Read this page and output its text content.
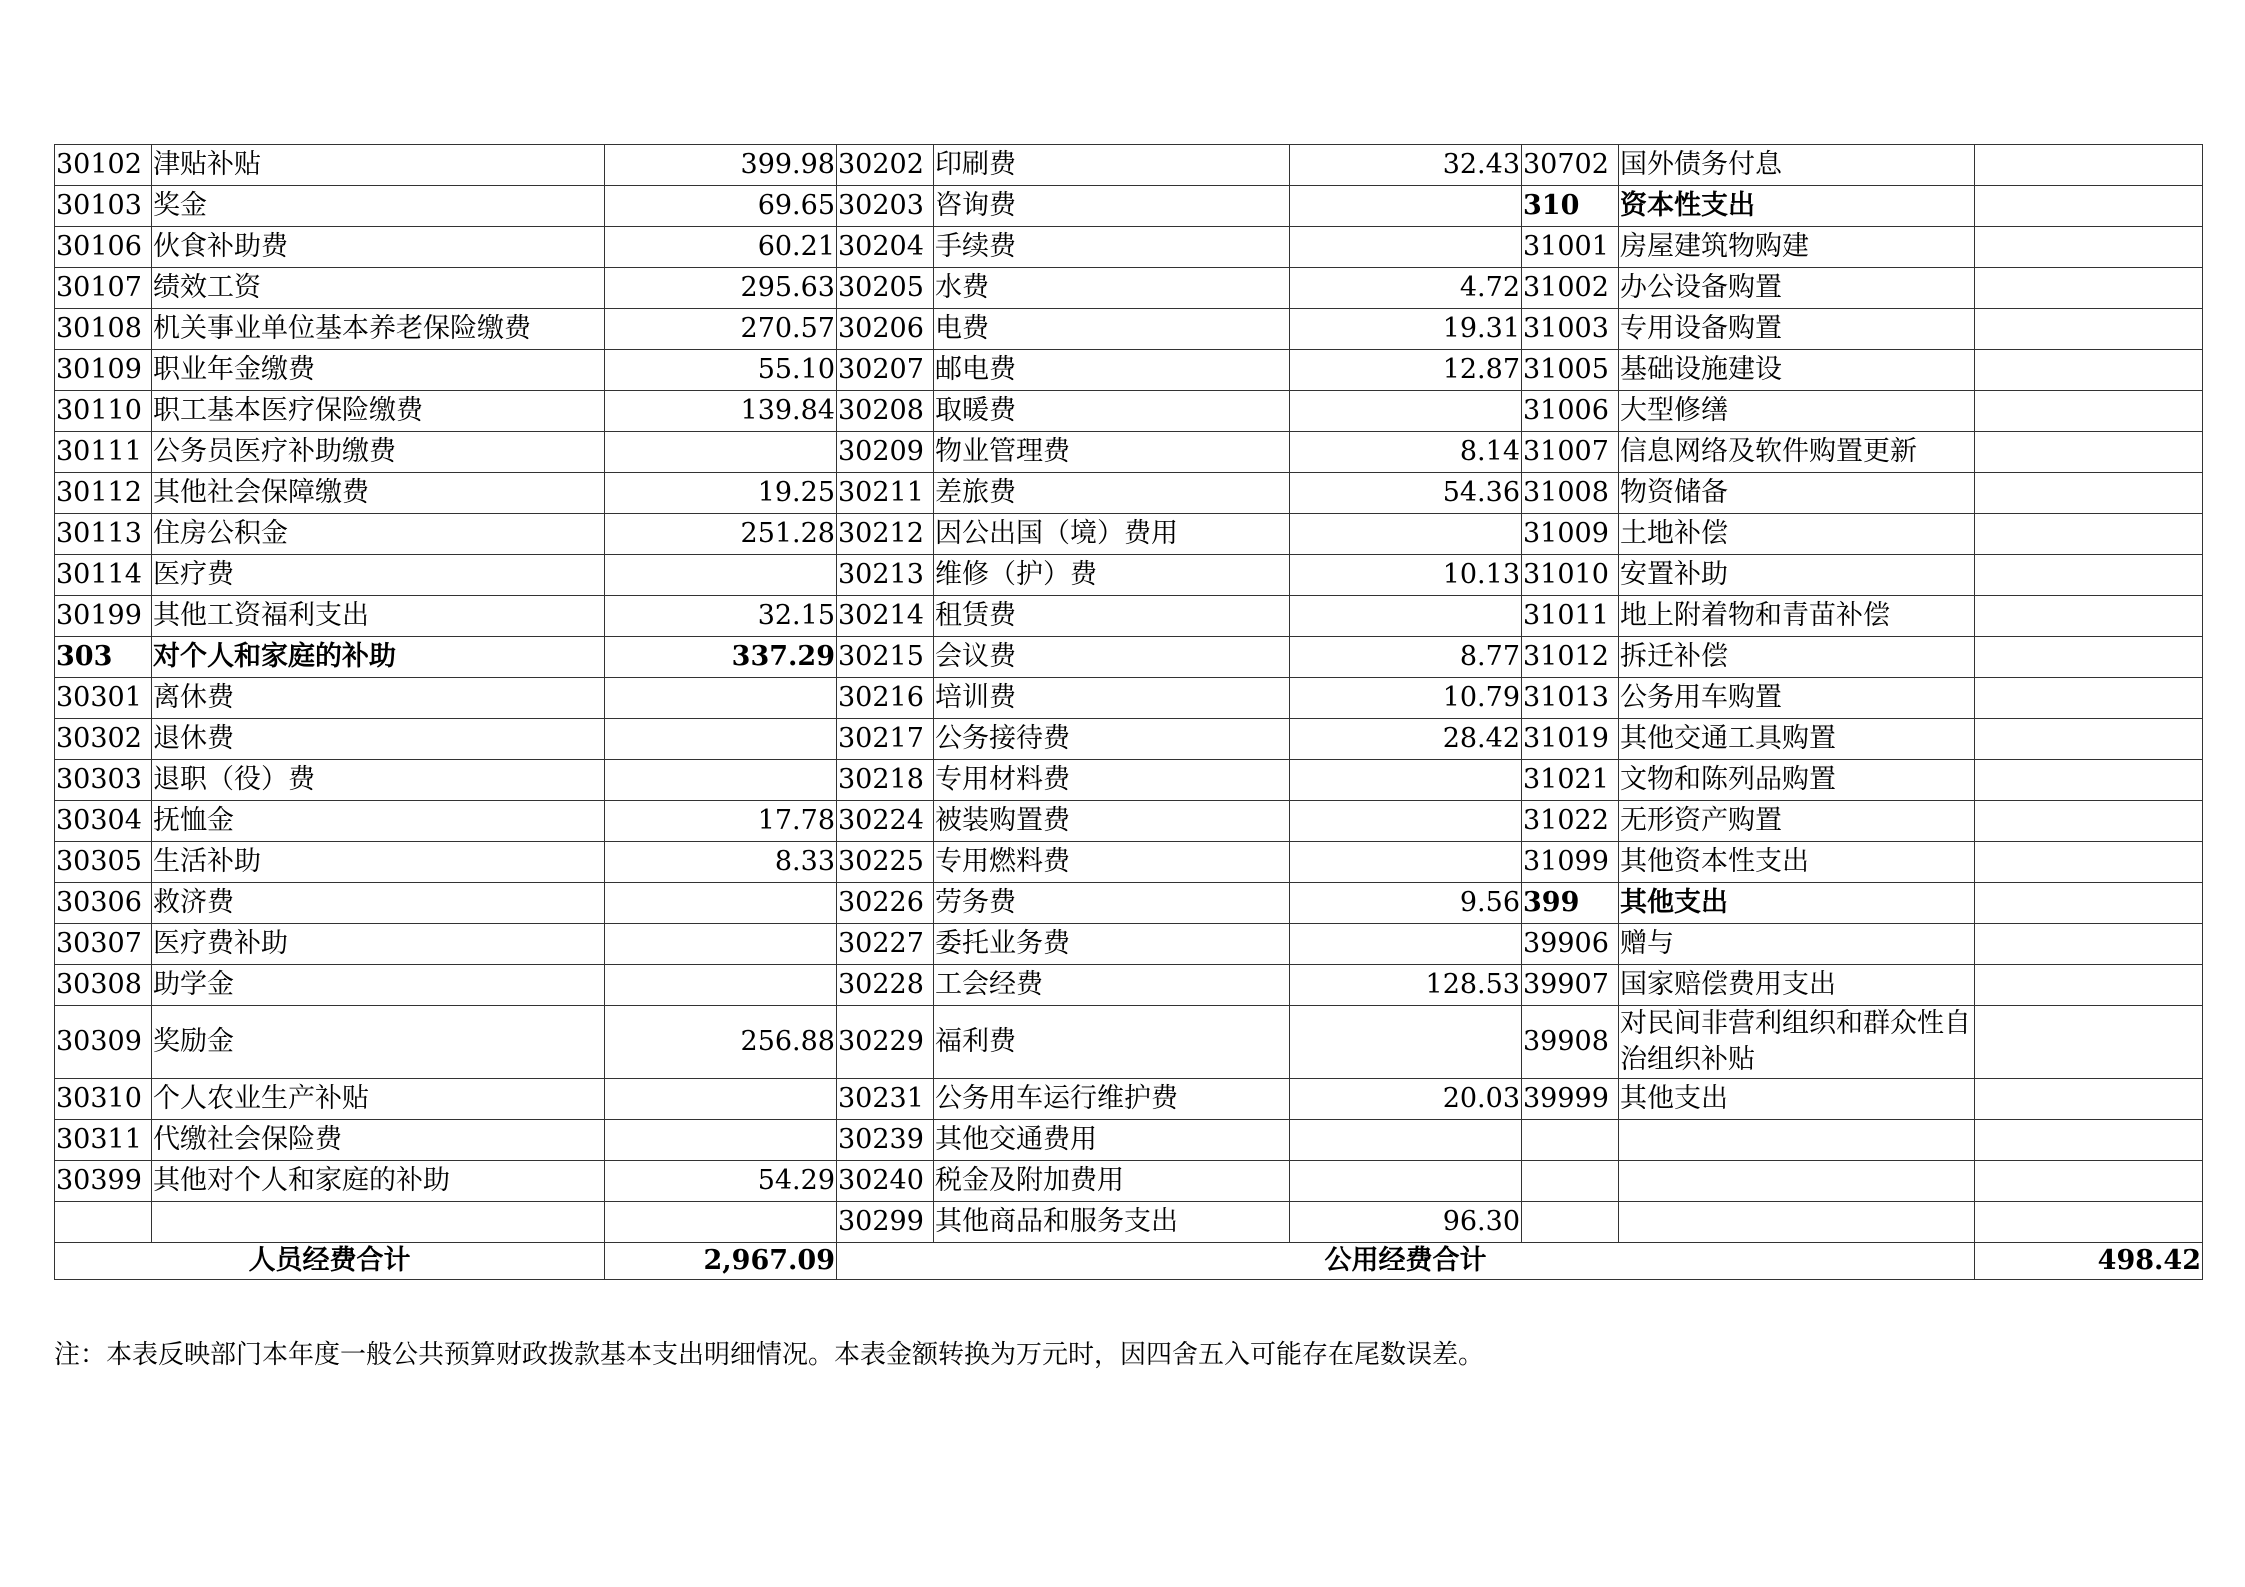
30102	津贴补贴	399.98	30202	印刷费	32.43	30702	国外债务付息	
30103	奖金	69.65	30203	咨询费		310	资本性支出	
30106	伙食补助费	60.21	30204	手续费		31001	房屋建筑物购建	
30107	绩效工资	295.63	30205	水费	4.72	31002	办公设备购置	
30108	机关事业单位基本养老保险缴费	270.57	30206	电费	19.31	31003	专用设备购置	
30109	职业年金缴费	55.10	30207	邮电费	12.87	31005	基础设施建设	
30110	职工基本医疗保险缴费	139.84	30208	取暖费		31006	大型修缮	
30111	公务员医疗补助缴费		30209	物业管理费	8.14	31007	信息网络及软件购置更新	
30112	其他社会保障缴费	19.25	30211	差旅费	54.36	31008	物资储备	
30113	住房公积金	251.28	30212	因公出国（境）费用		31009	土地补偿	
30114	医疗费		30213	维修（护）费	10.13	31010	安置补助	
30199	其他工资福利支出	32.15	30214	租赁费		31011	地上附着物和青苗补偿	
303	对个人和家庭的补助	337.29	30215	会议费	8.77	31012	拆迁补偿	
30301	离休费		30216	培训费	10.79	31013	公务用车购置	
30302	退休费		30217	公务接待费	28.42	31019	其他交通工具购置	
30303	退职（役）费		30218	专用材料费		31021	文物和陈列品购置	
30304	抚恤金	17.78	30224	被装购置费		31022	无形资产购置	
30305	生活补助	8.33	30225	专用燃料费		31099	其他资本性支出	
30306	救济费		30226	劳务费	9.56	399	其他支出	
30307	医疗费补助		30227	委托业务费		39906	赠与	
30308	助学金		30228	工会经费	128.53	39907	国家赔偿费用支出	
30309	奖励金	256.88	30229	福利费		39908	对民间非营利组织和群众性自治组织补贴	
30310	个人农业生产补贴		30231	公务用车运行维护费	20.03	39999	其他支出	
30311	代缴社会保险费		30239	其他交通费用				
30399	其他对个人和家庭的补助	54.29	30240	税金及附加费用				
			30299	其他商品和服务支出	96.30			
人员经费合计		2,967.09	公用经费合计					498.42
注：本表反映部门本年度一般公共预算财政拨款基本支出明细情况。本表金额转换为万元时，因四舍五入可能存在尾数误差。
